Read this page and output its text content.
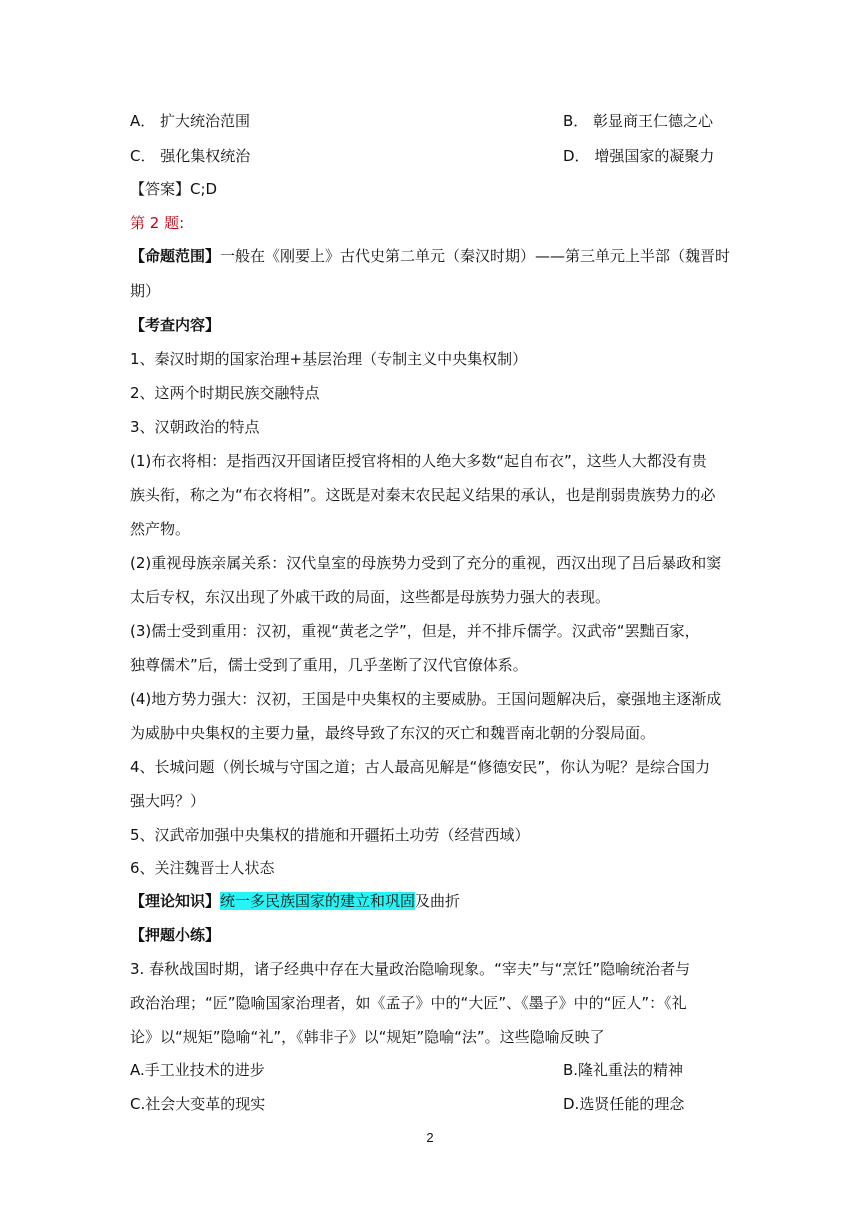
A． 扩大统治范围	B． 彰显商王仁德之心
C． 强化集权统治	D． 增强国家的凝聚力
【答案】C;D
第 2 题:
【命题范围】一般在《刚要上》古代史第二单元（秦汉时期）——第三单元上半部（魏晋时
期）
【考查内容】
1、秦汉时期的国家治理+基层治理（专制主义中央集权制）
2、这两个时期民族交融特点
3、汉朝政治的特点
(1)布衣将相：是指西汉开国诸臣授官将相的人绝大多数“起自布衣”，这些人大都没有贵
族头衔，称之为“布衣将相”。这既是对秦末农民起义结果的承认，也是削弱贵族势力的必
然产物。
(2)重视母族亲属关系：汉代皇室的母族势力受到了充分的重视，西汉出现了吕后暴政和窦
太后专权，东汉出现了外戚干政的局面，这些都是母族势力强大的表现。
(3)儒士受到重用：汉初，重视“黄老之学”，但是，并不排斥儒学。汉武帝“罢黜百家，
独尊儒术”后，儒士受到了重用，几乎垄断了汉代官僚体系。
(4)地方势力强大：汉初，王国是中央集权的主要威胁。王国问题解决后，豪强地主逐渐成
为威胁中央集权的主要力量，最终导致了东汉的灭亡和魏晋南北朝的分裂局面。
4、长城问题（例长城与守国之道；古人最高见解是“修德安民”，你认为呢？是综合国力
强大吗？）
5、汉武帝加强中央集权的措施和开疆拓土功劳（经营西域）
6、关注魏晋士人状态
【理论知识】统一多民族国家的建立和巩固及曲折
【押题小练】
3. 春秋战国时期，诸子经典中存在大量政治隐喻现象。“宰夫”与“烹饪”隐喻统治者与
政治治理；“匠”隐喻国家治理者，如《孟子》中的“大匠”、《墨子》中的“匠人”：《礼
论》以“规矩”隐喻“礼”，《韩非子》以“规矩”隐喻“法”。这些隐喻反映了
A.手工业技术的进步	B.隆礼重法的精神
C.社会大变革的现实	D.选贤任能的理念
2
